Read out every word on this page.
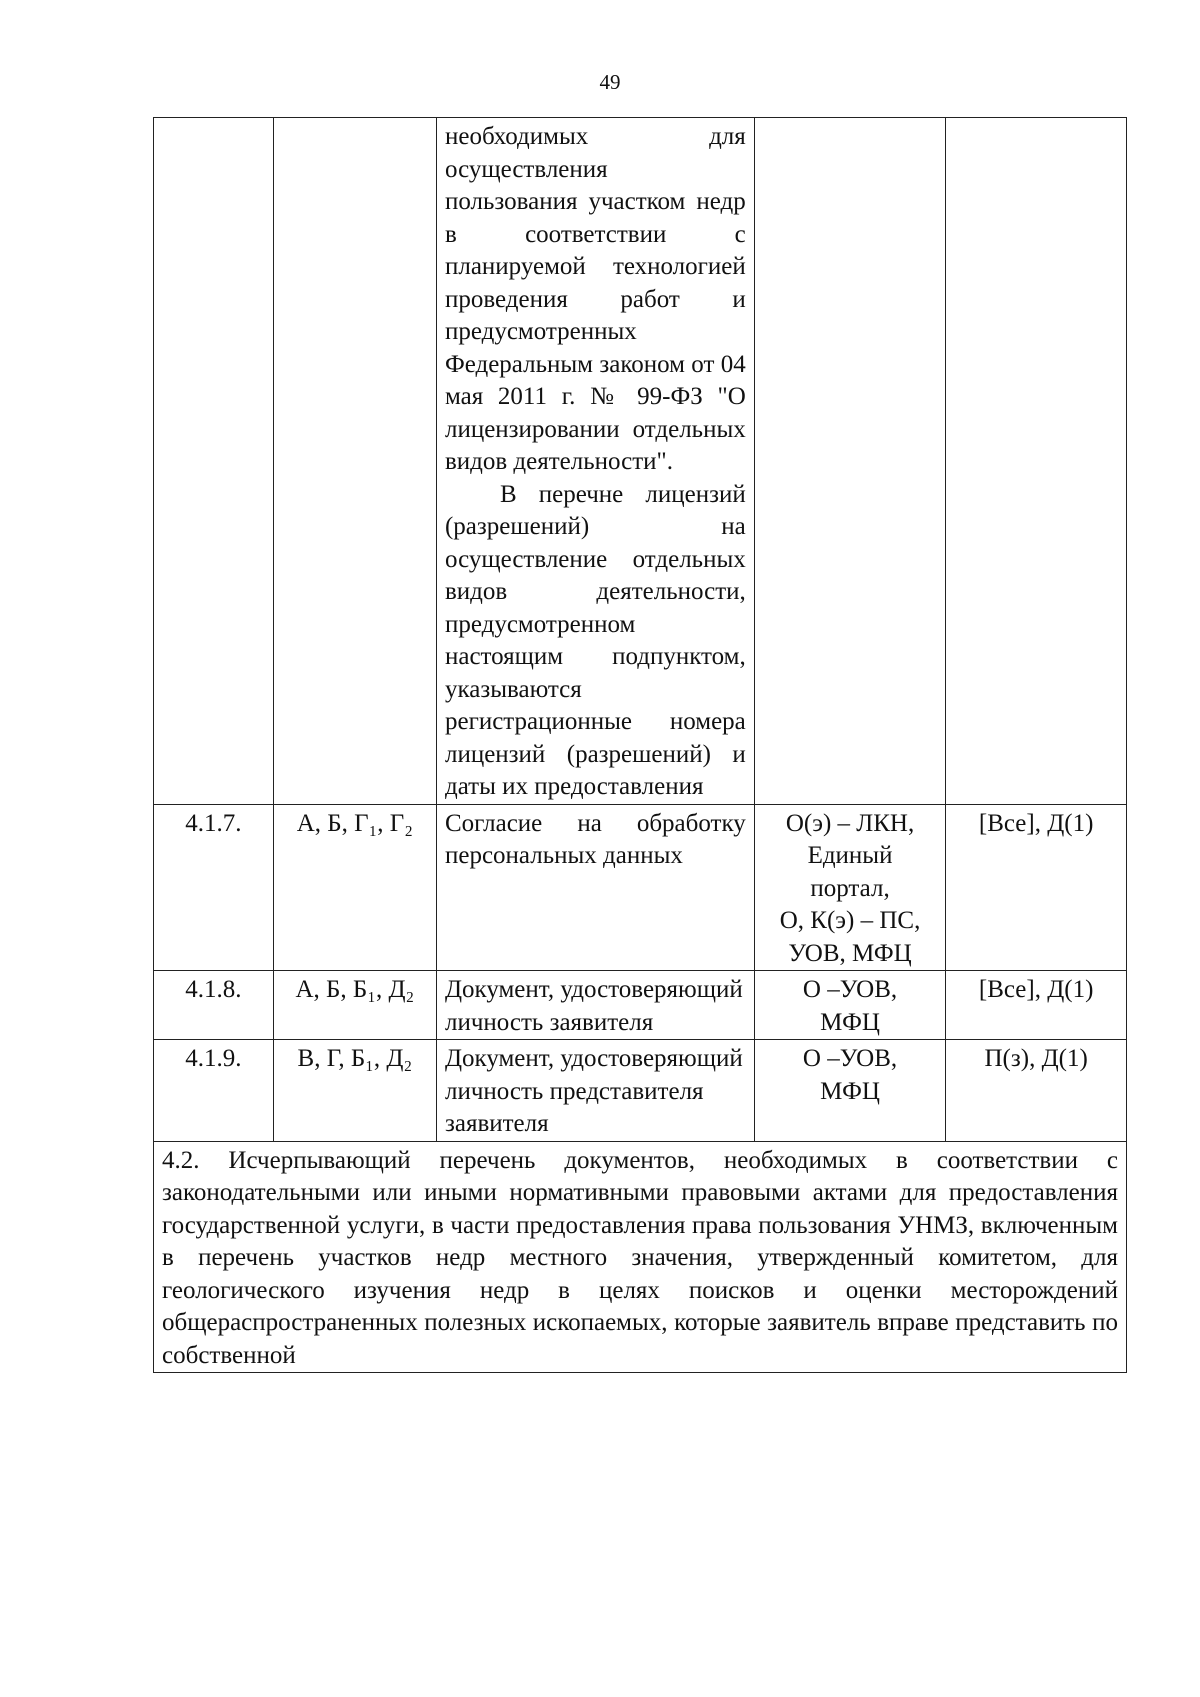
49

		необходимых для осуществления пользования участком недр в соответствии с планируемой технологией проведения работ и предусмотренных Федеральным законом от 04 мая 2011 г. № 99-ФЗ "О лицензировании отдельных видов деятельности".
В перечне лицензий (разрешений) на осуществление отдельных видов деятельности, предусмотренном настоящим подпунктом, указываются регистрационные номера лицензий (разрешений) и даты их предоставления		

4.1.7.	А, Б, Г₁, Г₂	Согласие на обработку персональных данных	О(э) – ЛКН,
Единый
портал,
О, К(э) – ПС,
УОВ, МФЦ	[Все], Д(1)
4.1.8.	А, Б, Б₁, Д₂	Документ, удостоверяющий личность заявителя	О –УОВ,
МФЦ	[Все], Д(1)
4.1.9.	В, Г, Б₁, Д₂	Документ, удостоверяющий личность представителя заявителя	О –УОВ,
МФЦ	П(з), Д(1)
4.2. Исчерпывающий перечень документов, необходимых в соответствии с законодательными или иными нормативными правовыми актами для предоставления государственной услуги, в части предоставления права пользования УНМЗ, включенным в перечень участков недр местного значения, утвержденный комитетом, для геологического изучения недр в целях поисков и оценки месторождений общераспространенных полезных ископаемых, которые заявитель вправе представить по собственной				
